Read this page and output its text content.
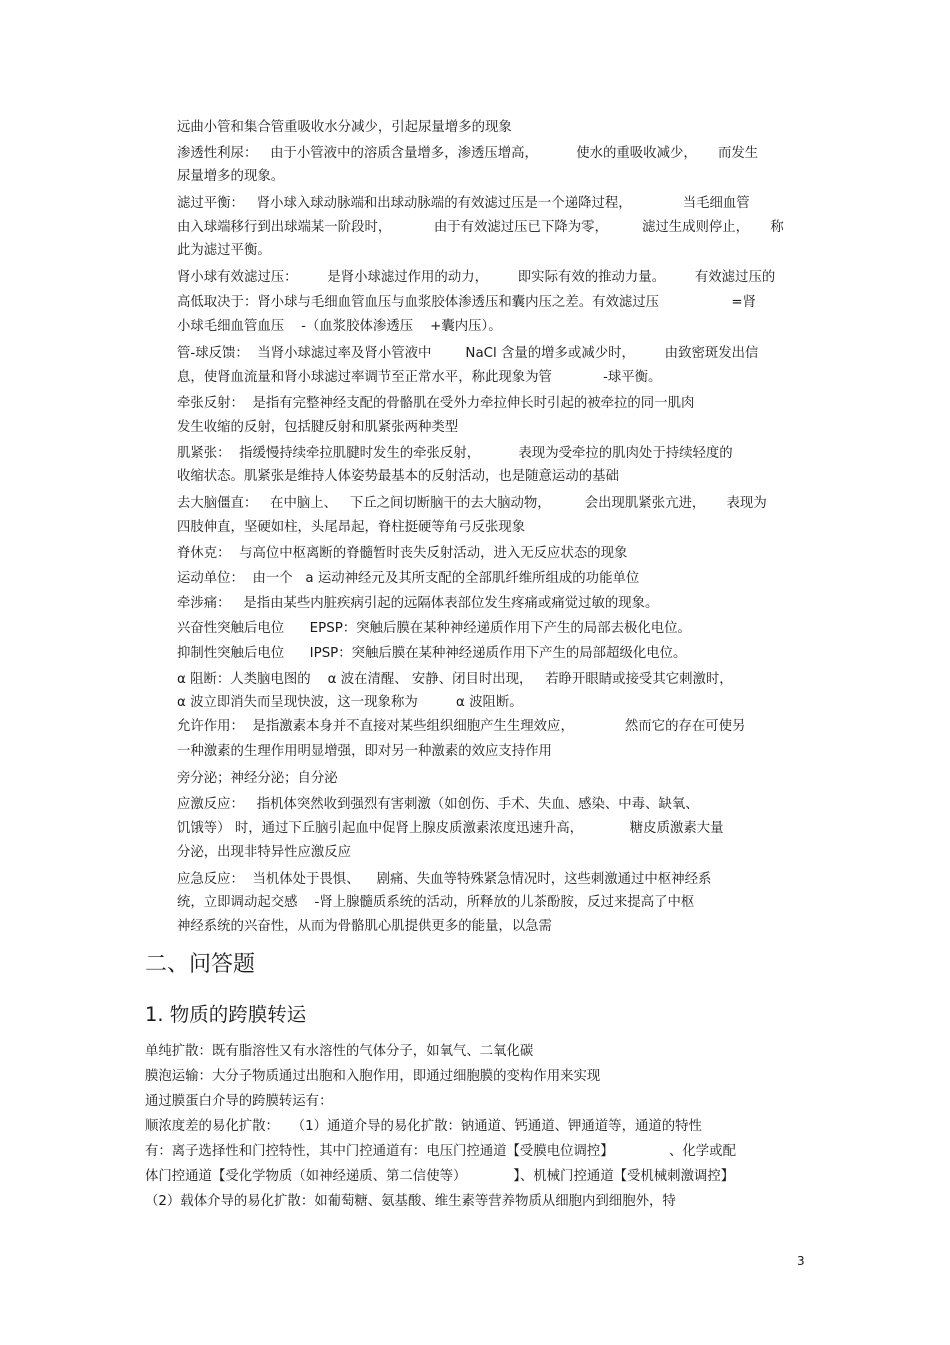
远曲小管和集合管重吸收水分减少，引起尿量增多的现象
渗透性利尿：   由于小管液中的溶质含量增多，渗透压增高，         使水的重吸收减少，     而发生
尿量增多的现象。
滤过平衡：   肾小球入球动脉端和出球动脉端的有效滤过压是一个递降过程，            当毛细血管
由入球端移行到出球端某一阶段时，          由于有效滤过压已下降为零，        滤过生成则停止，     称
此为滤过平衡。
肾小球有效滤过压：       是肾小球滤过作用的动力，       即实际有效的推动力量。       有效滤过压的
高低取决于：肾小球与毛细血管血压与血浆胶体渗透压和囊内压之差。有效滤过压                 =肾
小球毛细血管血压    -（血浆胶体渗透压    +囊内压）。
管-球反馈：  当肾小球滤过率及肾小管液中        NaCl 含量的增多或减少时，       由致密斑发出信
息，使肾血流量和肾小球滤过率调节至正常水平，称此现象为管            -球平衡。
牵张反射：  是指有完整神经支配的骨骼肌在受外力牵拉伸长时引起的被牵拉的同一肌肉
发生收缩的反射，包括腱反射和肌紧张两种类型
肌紧张：  指缓慢持续牵拉肌腱时发生的牵张反射，         表现为受牵拉的肌肉处于持续轻度的
收缩状态。肌紧张是维持人体姿势最基本的反射活动，也是随意运动的基础
去大脑僵直：   在中脑上、   下丘之间切断脑干的去大脑动物，        会出现肌紧张亢进，     表现为
四肢伸直，坚硬如柱，头尾昂起，脊柱挺硬等角弓反张现象
脊休克：  与高位中枢离断的脊髓暂时丧失反射活动，进入无反应状态的现象
运动单位：  由一个   a 运动神经元及其所支配的全部肌纤维所组成的功能单位
牵涉痛：   是指由某些内脏疾病引起的远隔体表部位发生疼痛或痛觉过敏的现象。
兴奋性突触后电位      EPSP：突触后膜在某种神经递质作用下产生的局部去极化电位。
抑制性突触后电位      IPSP：突触后膜在某种神经递质作用下产生的局部超级化电位。
α 阻断：人类脑电图的    α 波在清醒、 安静、闭目时出现，   若睁开眼睛或接受其它刺激时，
α 波立即消失而呈现快波，这一现象称为         α 波阻断。
允许作用：  是指激素本身并不直接对某些组织细胞产生生理效应，            然而它的存在可使另
一种激素的生理作用明显增强，即对另一种激素的效应支持作用
旁分泌；神经分泌；自分泌
应激反应：   指机体突然收到强烈有害刺激（如创伤、手术、失血、感染、中毒、缺氧、
饥饿等） 时，通过下丘脑引起血中促肾上腺皮质激素浓度迅速升高，           糖皮质激素大量
分泌，出现非特异性应激反应
应急反应：  当机体处于畏惧、    剧痛、失血等特殊紧急情况时，这些刺激通过中枢神经系
统，立即调动起交感    -肾上腺髓质系统的活动，所释放的儿茶酚胺，反过来提高了中枢
神经系统的兴奋性，从而为骨骼肌心肌提供更多的能量，以急需
二、问答题
1. 物质的跨膜转运
单纯扩散：既有脂溶性又有水溶性的气体分子，如氧气、二氧化碳
膜泡运输：大分子物质通过出胞和入胞作用，即通过细胞膜的变构作用来实现
通过膜蛋白介导的跨膜转运有：
顺浓度差的易化扩散：   （1）通道介导的易化扩散：钠通道、钙通道、钾通道等，通道的特性
有：离子选择性和门控特性，其中门控通道有：电压门控通道【受膜电位调控】             、化学或配
体门控通道【受化学物质（如神经递质、第二信使等）           】、机械门控通道【受机械刺激调控】
（2）载体介导的易化扩散：如葡萄糖、氨基酸、维生素等营养物质从细胞内到细胞外，特
3
